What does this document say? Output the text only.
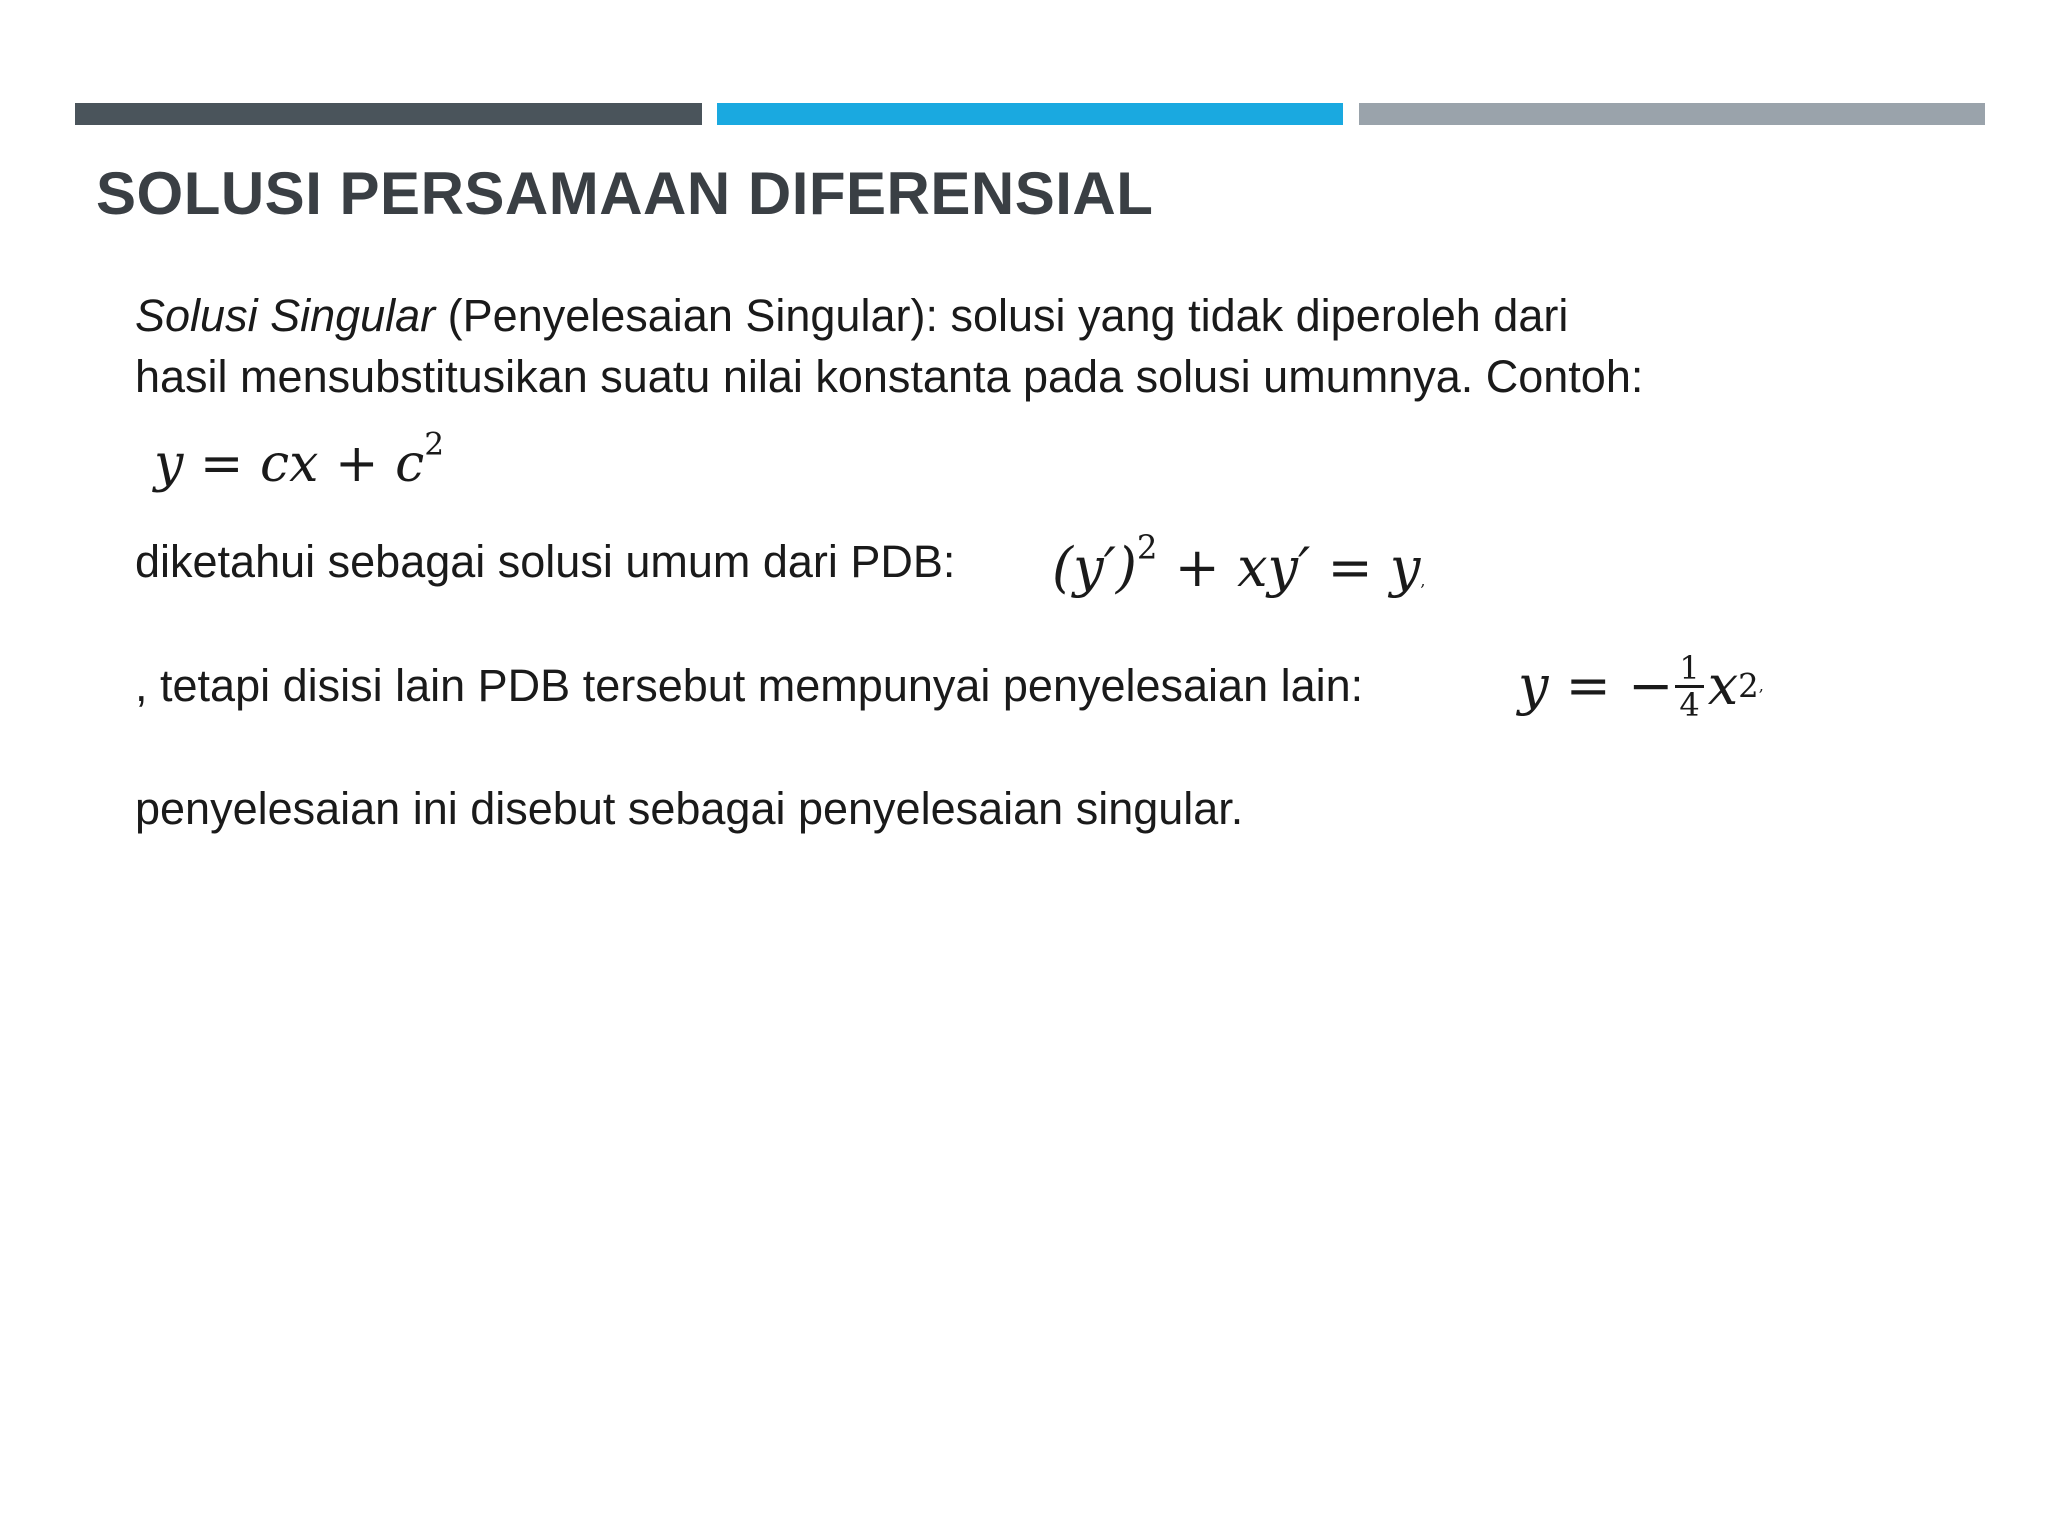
SOLUSI PERSAMAAN DIFERENSIAL
Solusi Singular (Penyelesaian Singular): solusi yang tidak diperoleh dari
hasil mensubstitusikan suatu nilai konstanta pada solusi umumnya. Contoh:
y = cx + $c^2$
diketahui sebagai solusi umum dari PDB: $(y')^2 + xy' = y$,
, tetapi disisi lain PDB tersebut mempunyai penyelesaian lain:	y = − $\frac{1}{4}$ x 2 ,
penyelesaian ini disebut sebagai penyelesaian singular.
